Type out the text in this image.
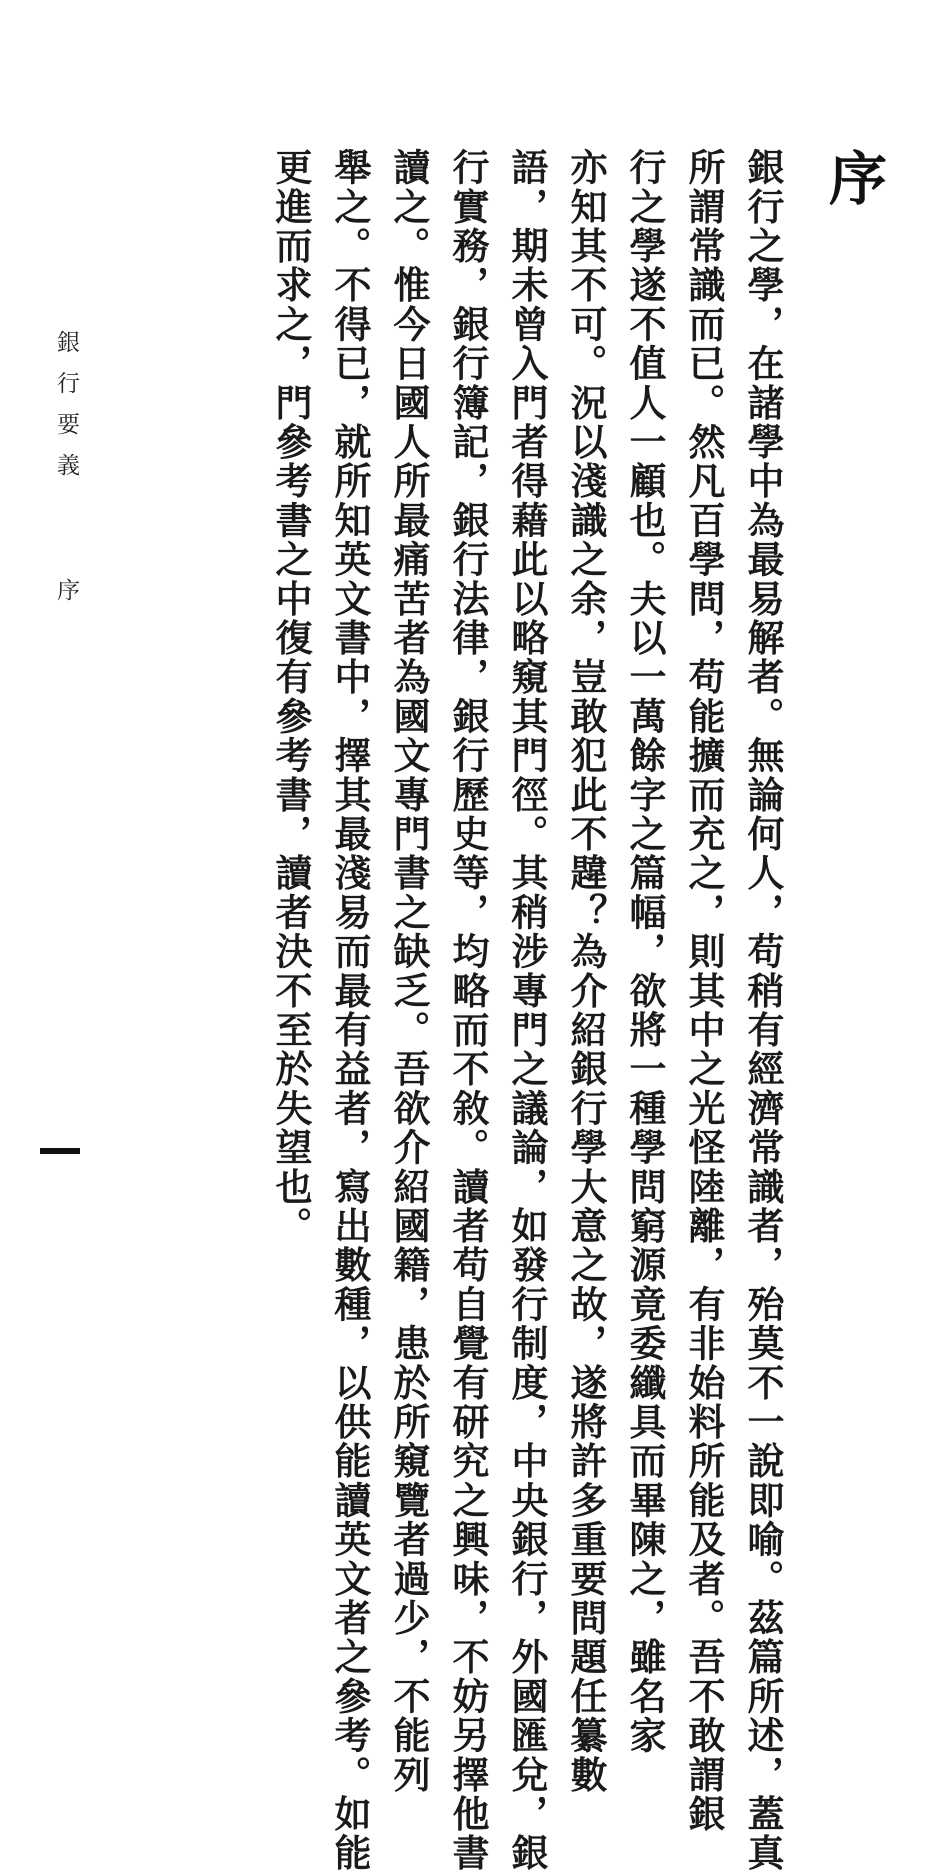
序
銀行之學，在諸學中為最易解者。無論何人，苟稍有經濟常識者，殆莫不一說即喻。茲篇所述，蓋真
所謂常識而已。然凡百學問，苟能擴而充之，則其中之光怪陸離，有非始料所能及者。吾不敢謂銀
行之學遂不值人一顧也。夫以一萬餘字之篇幅，欲將一種學問窮源竟委纖具而畢陳之，雖名家
亦知其不可。況以淺識之余，豈敢犯此不韙？為介紹銀行學大意之故，遂將許多重要問題任纂數
語，期未曾入門者得藉此以略窺其門徑。其稍涉專門之議論，如發行制度，中央銀行，外國匯兌，銀
行實務，銀行簿記，銀行法律，銀行歷史等，均略而不敘。讀者苟自覺有研究之興味，不妨另擇他書
讀之。惟今日國人所最痛苦者為國文專門書之缺乏。吾欲介紹國籍，患於所窺覽者過少，不能列
舉之。不得已，就所知英文書中，擇其最淺易而最有益者，寫出數種，以供能讀英文者之參考。如能
更進而求之，門參考書之中復有參考書，讀者決不至於失望也。
銀行要義 序
